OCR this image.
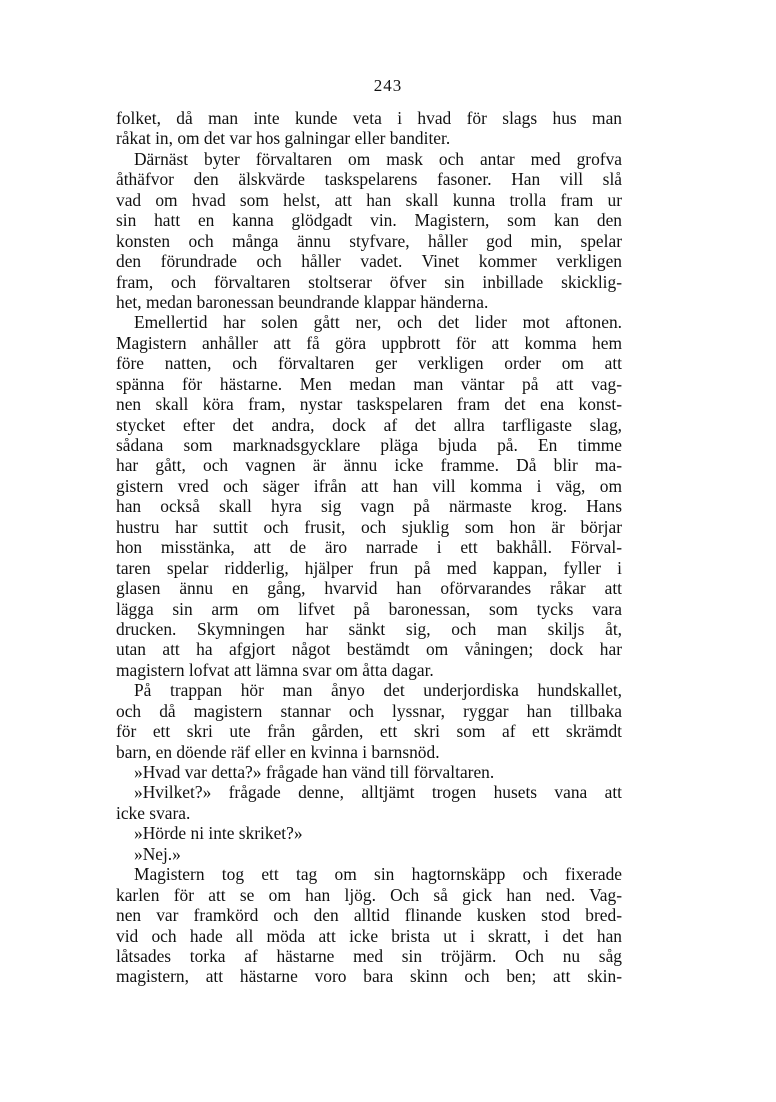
243
folket, då man inte kunde veta i hvad för slags hus man
råkat in, om det var hos galningar eller banditer.
Därnäst byter förvaltaren om mask och antar med grofva
åthäfvor den älskvärde taskspelarens fasoner. Han vill slå
vad om hvad som helst, att han skall kunna trolla fram ur
sin hatt en kanna glödgadt vin. Magistern, som kan den
konsten och många ännu styfvare, håller god min, spelar
den förundrade och håller vadet. Vinet kommer verkligen
fram, och förvaltaren stoltserar öfver sin inbillade skicklig-
het, medan baronessan beundrande klappar händerna.
Emellertid har solen gått ner, och det lider mot aftonen.
Magistern anhåller att få göra uppbrott för att komma hem
före natten, och förvaltaren ger verkligen order om att
spänna för hästarne. Men medan man väntar på att vag-
nen skall köra fram, nystar taskspelaren fram det ena konst-
stycket efter det andra, dock af det allra tarfligaste slag,
sådana som marknadsgycklare pläga bjuda på. En timme
har gått, och vagnen är ännu icke framme. Då blir ma-
gistern vred och säger ifrån att han vill komma i väg, om
han också skall hyra sig vagn på närmaste krog. Hans
hustru har suttit och frusit, och sjuklig som hon är börjar
hon misstänka, att de äro narrade i ett bakhåll. Förval-
taren spelar ridderlig, hjälper frun på med kappan, fyller i
glasen ännu en gång, hvarvid han oförvarandes råkar att
lägga sin arm om lifvet på baronessan, som tycks vara
drucken. Skymningen har sänkt sig, och man skiljs åt,
utan att ha afgjort något bestämdt om våningen; dock har
magistern lofvat att lämna svar om åtta dagar.
På trappan hör man ånyo det underjordiska hundskallet,
och då magistern stannar och lyssnar, ryggar han tillbaka
för ett skri ute från gården, ett skri som af ett skrämdt
barn, en döende räf eller en kvinna i barnsnöd.
»Hvad var detta?» frågade han vänd till förvaltaren.
»Hvilket?» frågade denne, alltjämt trogen husets vana att
icke svara.
»Hörde ni inte skriket?»
»Nej.»
Magistern tog ett tag om sin hagtornskäpp och fixerade
karlen för att se om han ljög. Och så gick han ned. Vag-
nen var framkörd och den alltid flinande kusken stod bred-
vid och hade all möda att icke brista ut i skratt, i det han
låtsades torka af hästarne med sin tröjärm. Och nu såg
magistern, att hästarne voro bara skinn och ben; att skin-
